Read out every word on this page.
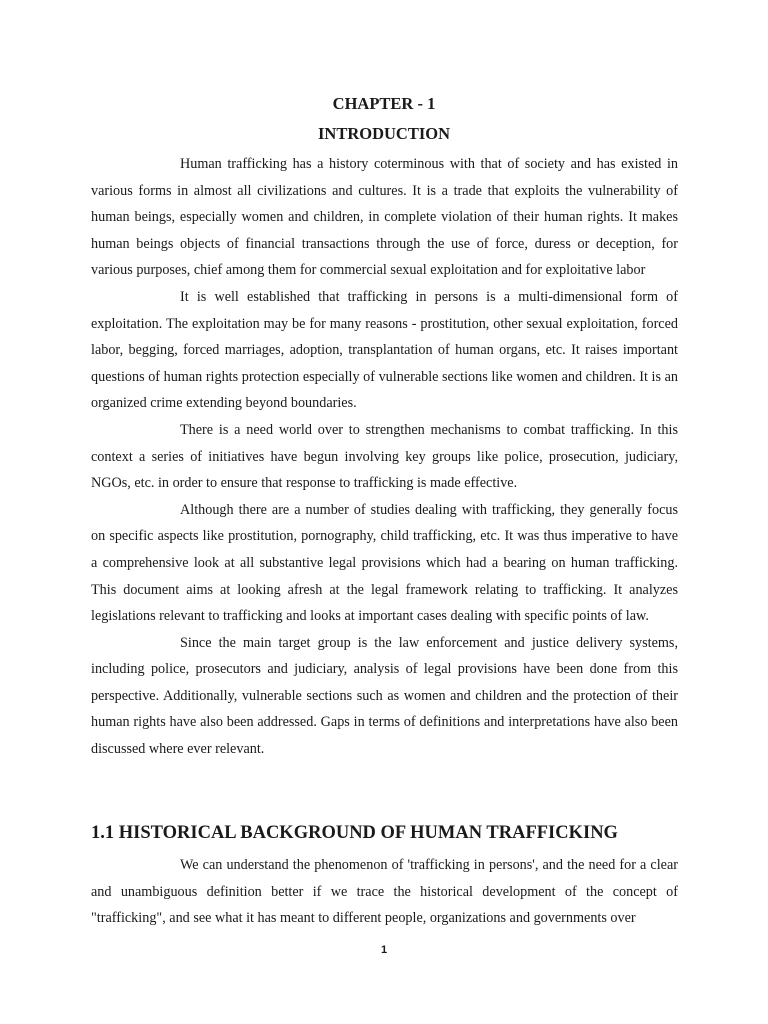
CHAPTER - 1
INTRODUCTION

Human trafficking has a history coterminous with that of society and has existed in various forms in almost all civilizations and cultures. It is a trade that exploits the vulnerability of human beings, especially women and children, in complete violation of their human rights. It makes human beings objects of financial transactions through the use of force, duress or deception, for various purposes, chief among them for commercial sexual exploitation and for exploitative labor

It is well established that trafficking in persons is a multi-dimensional form of exploitation. The exploitation may be for many reasons - prostitution, other sexual exploitation, forced labor, begging, forced marriages, adoption, transplantation of human organs, etc. It raises important questions of human rights protection especially of vulnerable sections like women and children. It is an organized crime extending beyond boundaries.

There is a need world over to strengthen mechanisms to combat trafficking. In this context a series of initiatives have begun involving key groups like police, prosecution, judiciary, NGOs, etc. in order to ensure that response to trafficking is made effective.

Although there are a number of studies dealing with trafficking, they generally focus on specific aspects like prostitution, pornography, child trafficking, etc. It was thus imperative to have a comprehensive look at all substantive legal provisions which had a bearing on human trafficking. This document aims at looking afresh at the legal framework relating to trafficking. It analyzes legislations relevant to trafficking and looks at important cases dealing with specific points of law.

Since the main target group is the law enforcement and justice delivery systems, including police, prosecutors and judiciary, analysis of legal provisions have been done from this perspective. Additionally, vulnerable sections such as women and children and the protection of their human rights have also been addressed. Gaps in terms of definitions and interpretations have also been discussed where ever relevant.

1.1 HISTORICAL BACKGROUND OF HUMAN TRAFFICKING

We can understand the phenomenon of 'trafficking in persons', and the need for a clear and unambiguous definition better if we trace the historical development of the concept of "trafficking", and see what it has meant to different people, organizations and governments over

1
